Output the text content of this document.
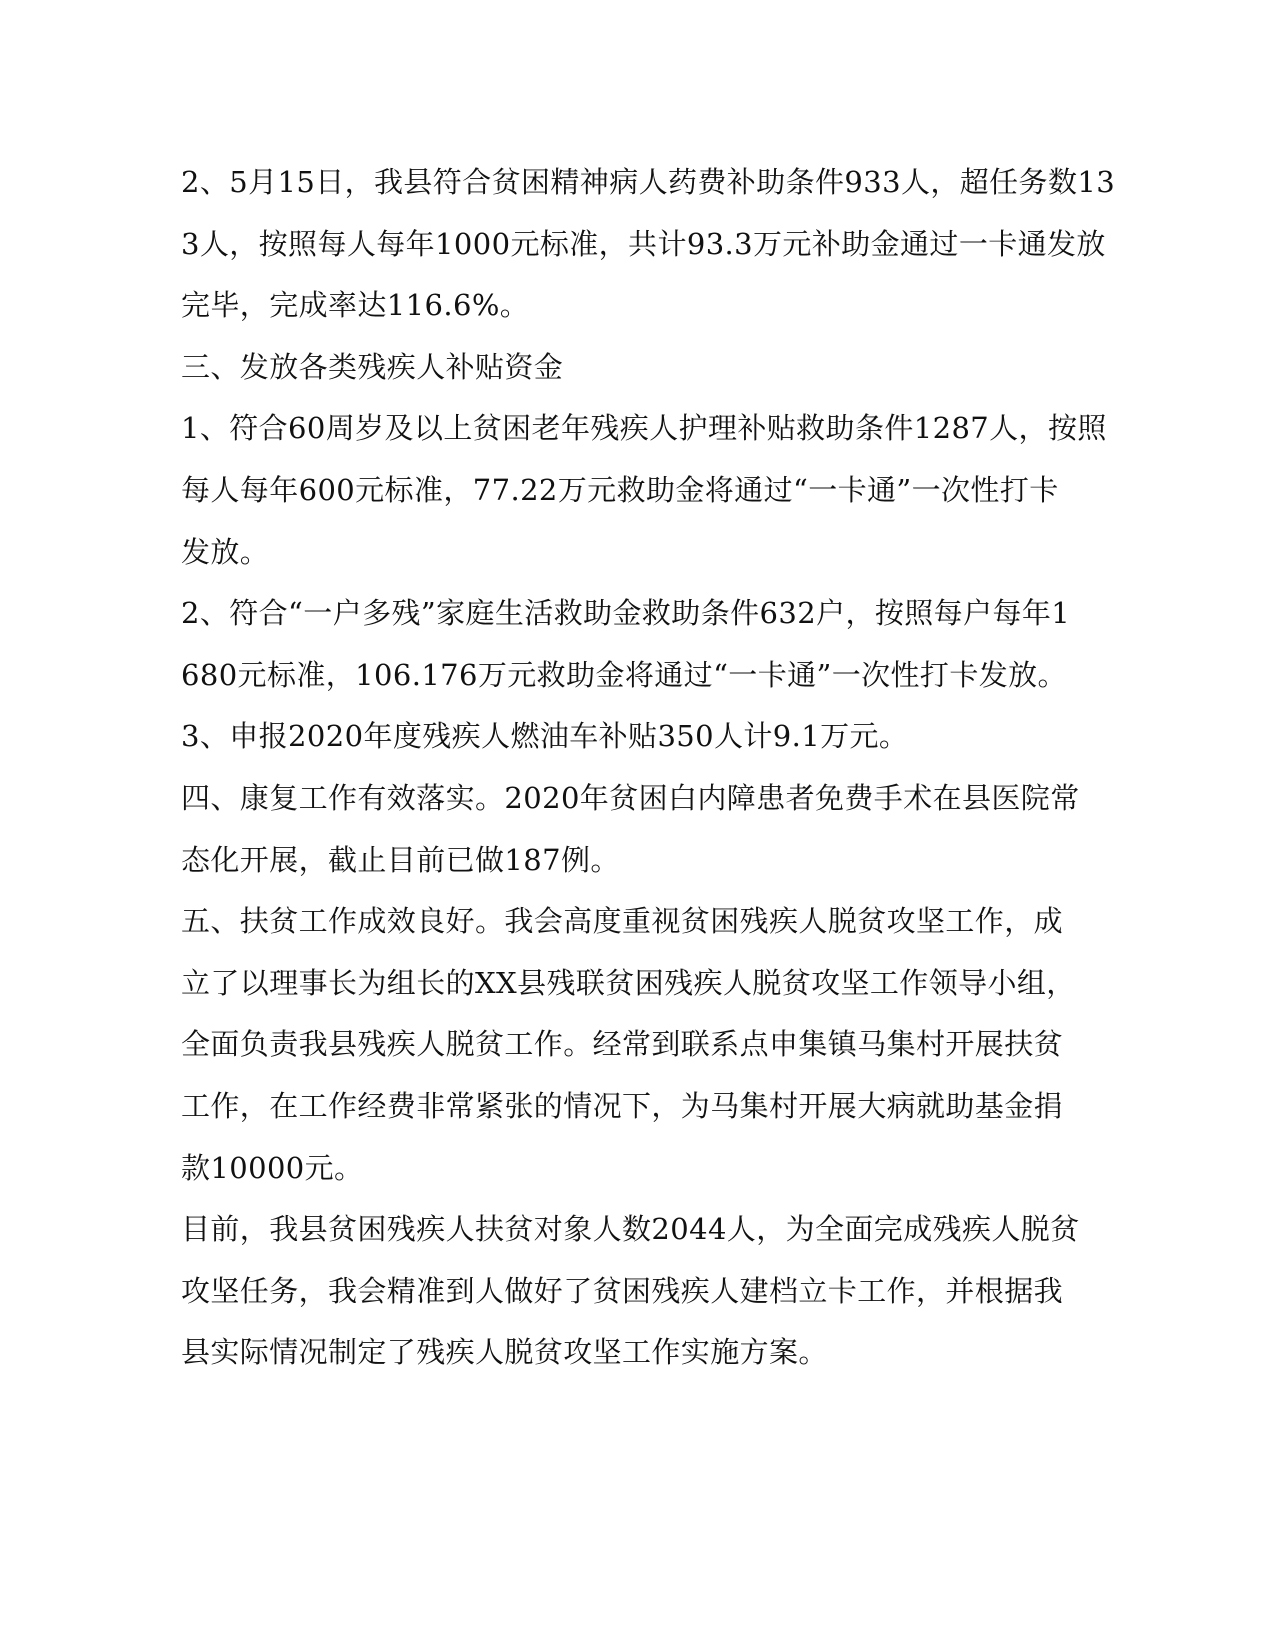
2、5月15日，我县符合贫困精神病人药费补助条件933人，超任务数13
3人，按照每人每年1000元标准，共计93.3万元补助金通过一卡通发放
完毕，完成率达116.6%。
三、发放各类残疾人补贴资金
1、符合60周岁及以上贫困老年残疾人护理补贴救助条件1287人，按照
每人每年600元标准，77.22万元救助金将通过“一卡通”一次性打卡
发放。
2、符合“一户多残”家庭生活救助金救助条件632户，按照每户每年1
680元标准，106.176万元救助金将通过“一卡通”一次性打卡发放。
3、申报2020年度残疾人燃油车补贴350人计9.1万元。
四、康复工作有效落实。2020年贫困白内障患者免费手术在县医院常
态化开展，截止目前已做187例。
五、扶贫工作成效良好。我会高度重视贫困残疾人脱贫攻坚工作，成
立了以理事长为组长的XX县残联贫困残疾人脱贫攻坚工作领导小组，
全面负责我县残疾人脱贫工作。经常到联系点申集镇马集村开展扶贫
工作，在工作经费非常紧张的情况下，为马集村开展大病就助基金捐
款10000元。
目前，我县贫困残疾人扶贫对象人数2044人，为全面完成残疾人脱贫
攻坚任务，我会精准到人做好了贫困残疾人建档立卡工作，并根据我
县实际情况制定了残疾人脱贫攻坚工作实施方案。
